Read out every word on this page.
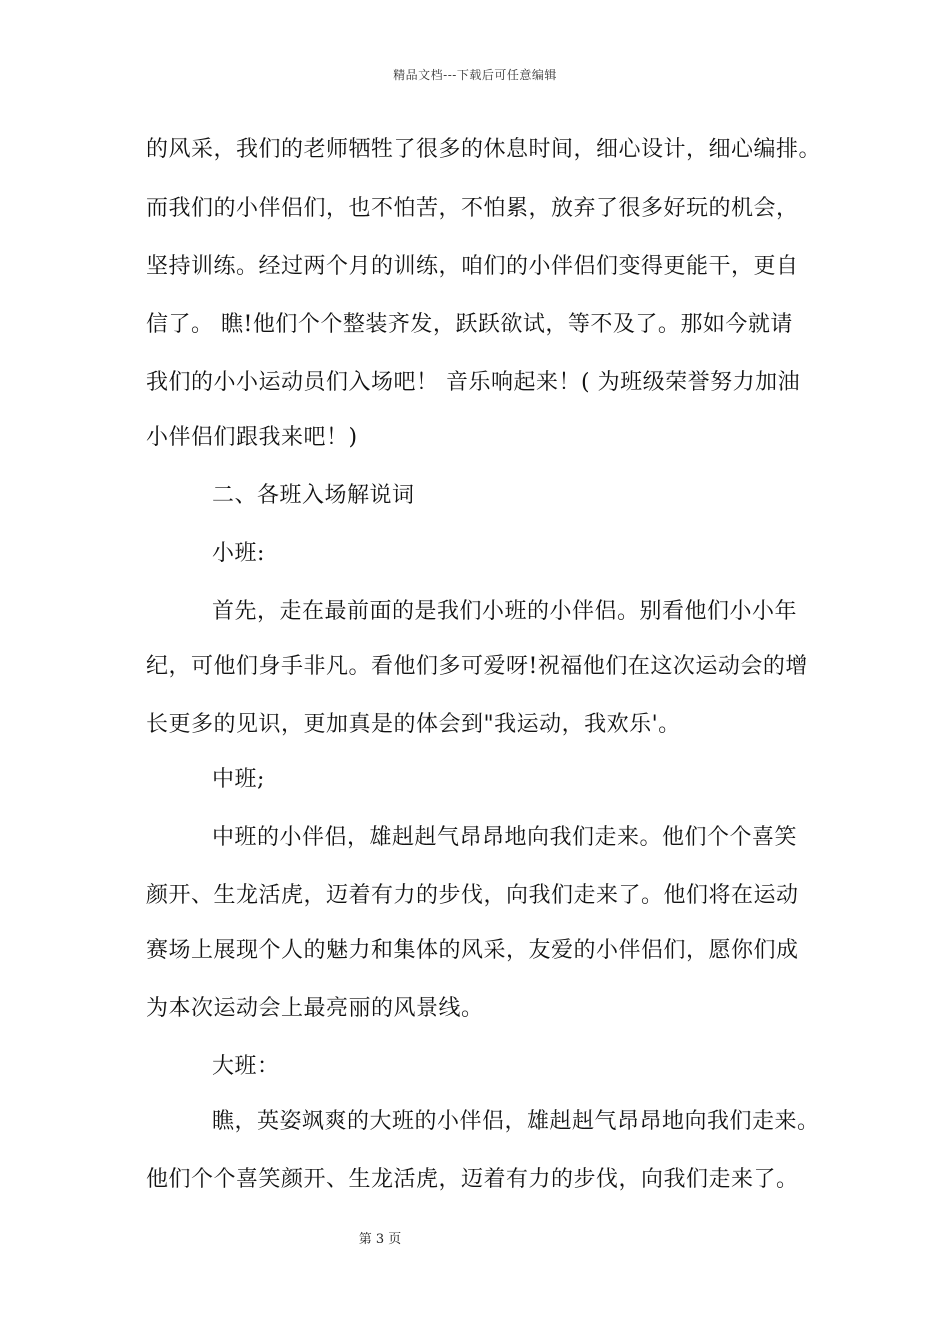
精品文档---下载后可任意编辑
的风采，我们的老师牺牲了很多的休息时间，细心设计，细心编排。
而我们的小伴侣们，也不怕苦，不怕累，放弃了很多好玩的机会，
坚持训练。经过两个月的训练，咱们的小伴侣们变得更能干，更自
信了。 瞧!他们个个整装齐发，跃跃欲试，等不及了。那如今就请
我们的小小运动员们入场吧！ 音乐响起来！( 为班级荣誉努力加油
小伴侣们跟我来吧！)
二、各班入场解说词
小班:
首先，走在最前面的是我们小班的小伴侣。别看他们小小年
纪，可他们身手非凡。看他们多可爱呀!祝福他们在这次运动会的增
长更多的见识，更加真是的体会到"我运动，我欢乐'。
中班;
中班的小伴侣，雄赳赳气昂昂地向我们走来。他们个个喜笑
颜开、生龙活虎，迈着有力的步伐，向我们走来了。他们将在运动
赛场上展现个人的魅力和集体的风采，友爱的小伴侣们，愿你们成
为本次运动会上最亮丽的风景线。
大班：
瞧，英姿飒爽的大班的小伴侣，雄赳赳气昂昂地向我们走来。
他们个个喜笑颜开、生龙活虎，迈着有力的步伐，向我们走来了。
第 3 页
